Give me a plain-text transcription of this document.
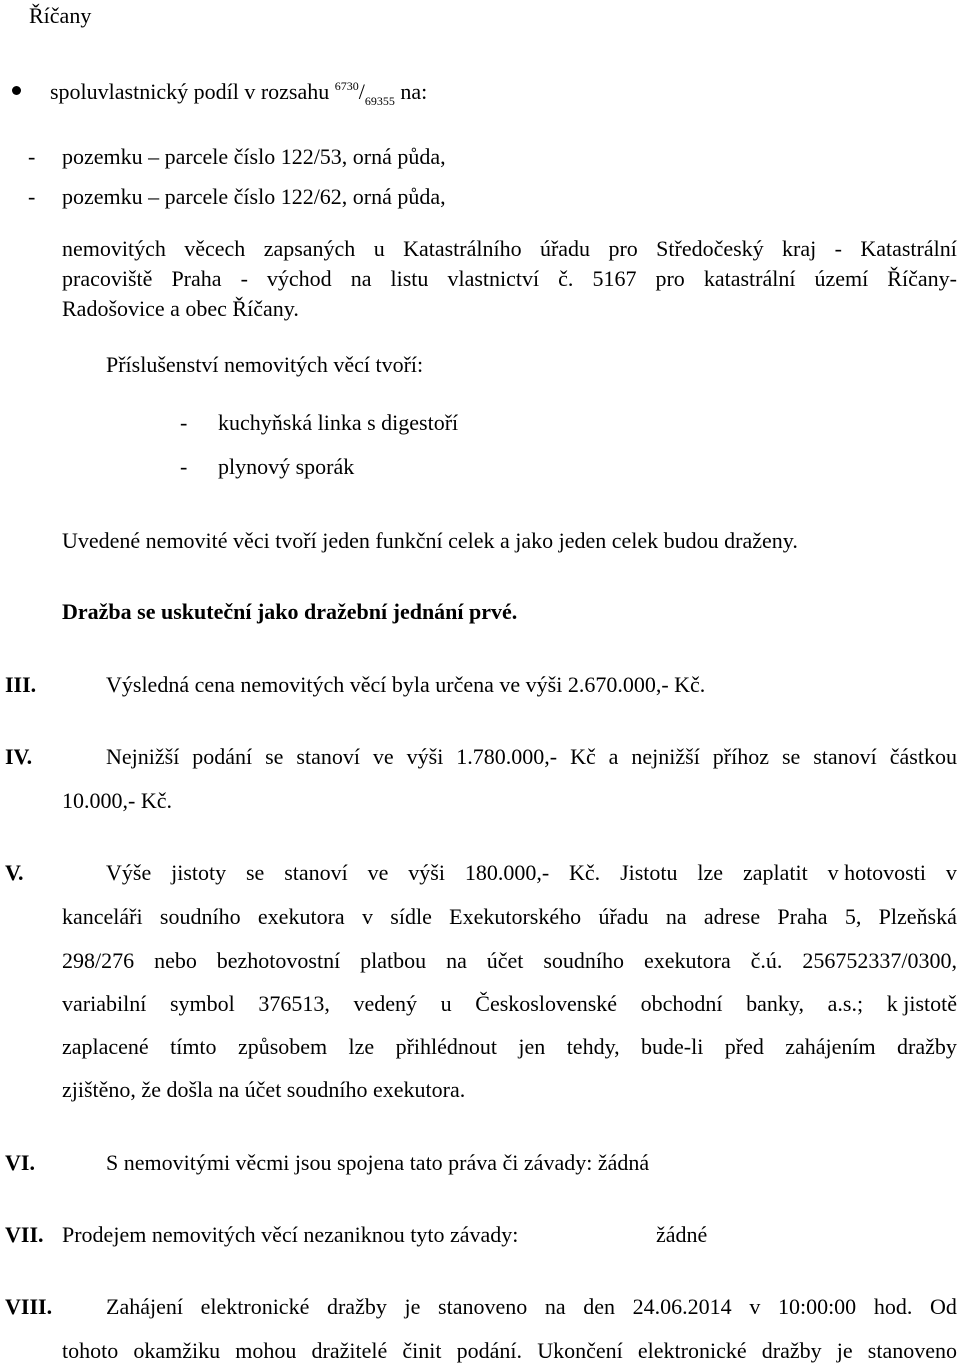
Říčany
spoluvlastnický podíl v rozsahu $^{6730}/_{69355}$ na:
- pozemku – parcele číslo 122/53, orná půda,
- pozemku – parcele číslo 122/62, orná půda,
nemovitých věcech zapsaných u Katastrálního úřadu pro Středočeský kraj - Katastrální
pracoviště Praha - východ na listu vlastnictví č. 5167 pro katastrální území Říčany-
Radošovice a obec Říčany.
Příslušenství nemovitých věcí tvoří:
- kuchyňská linka s digestoří
- plynový sporák
Uvedené nemovité věci tvoří jeden funkční celek a jako jeden celek budou draženy.
Dražba se uskuteční jako dražební jednání prvé.
III.	Výsledná cena nemovitých věcí byla určena ve výši 2.670.000,- Kč.
IV.	Nejnižší podání se stanoví ve výši 1.780.000,- Kč a nejnižší příhoz se stanoví částkou
10.000,- Kč.
V.	Výše jistoty se stanoví ve výši 180.000,- Kč. Jistotu lze zaplatit v hotovosti v
kanceláři soudního exekutora v sídle Exekutorského úřadu na adrese Praha 5, Plzeňská
298/276 nebo bezhotovostní platbou na účet soudního exekutora č.ú. 256752337/0300,
variabilní symbol 376513, vedený u Československé obchodní banky, a.s.; k jistotě
zaplacené tímto způsobem lze přihlédnout jen tehdy, bude-li před zahájením dražby
zjištěno, že došla na účet soudního exekutora.
VI.	S nemovitými věcmi jsou spojena tato práva či závady: žádná
VII. Prodejem nemovitých věcí nezaniknou tyto závady:	žádné
VIII. Zahájení elektronické dražby je stanoveno na den 24.06.2014 v 10:00:00 hod. Od
tohoto okamžiku mohou dražitelé činit podání. Ukončení elektronické dražby je stanoveno
